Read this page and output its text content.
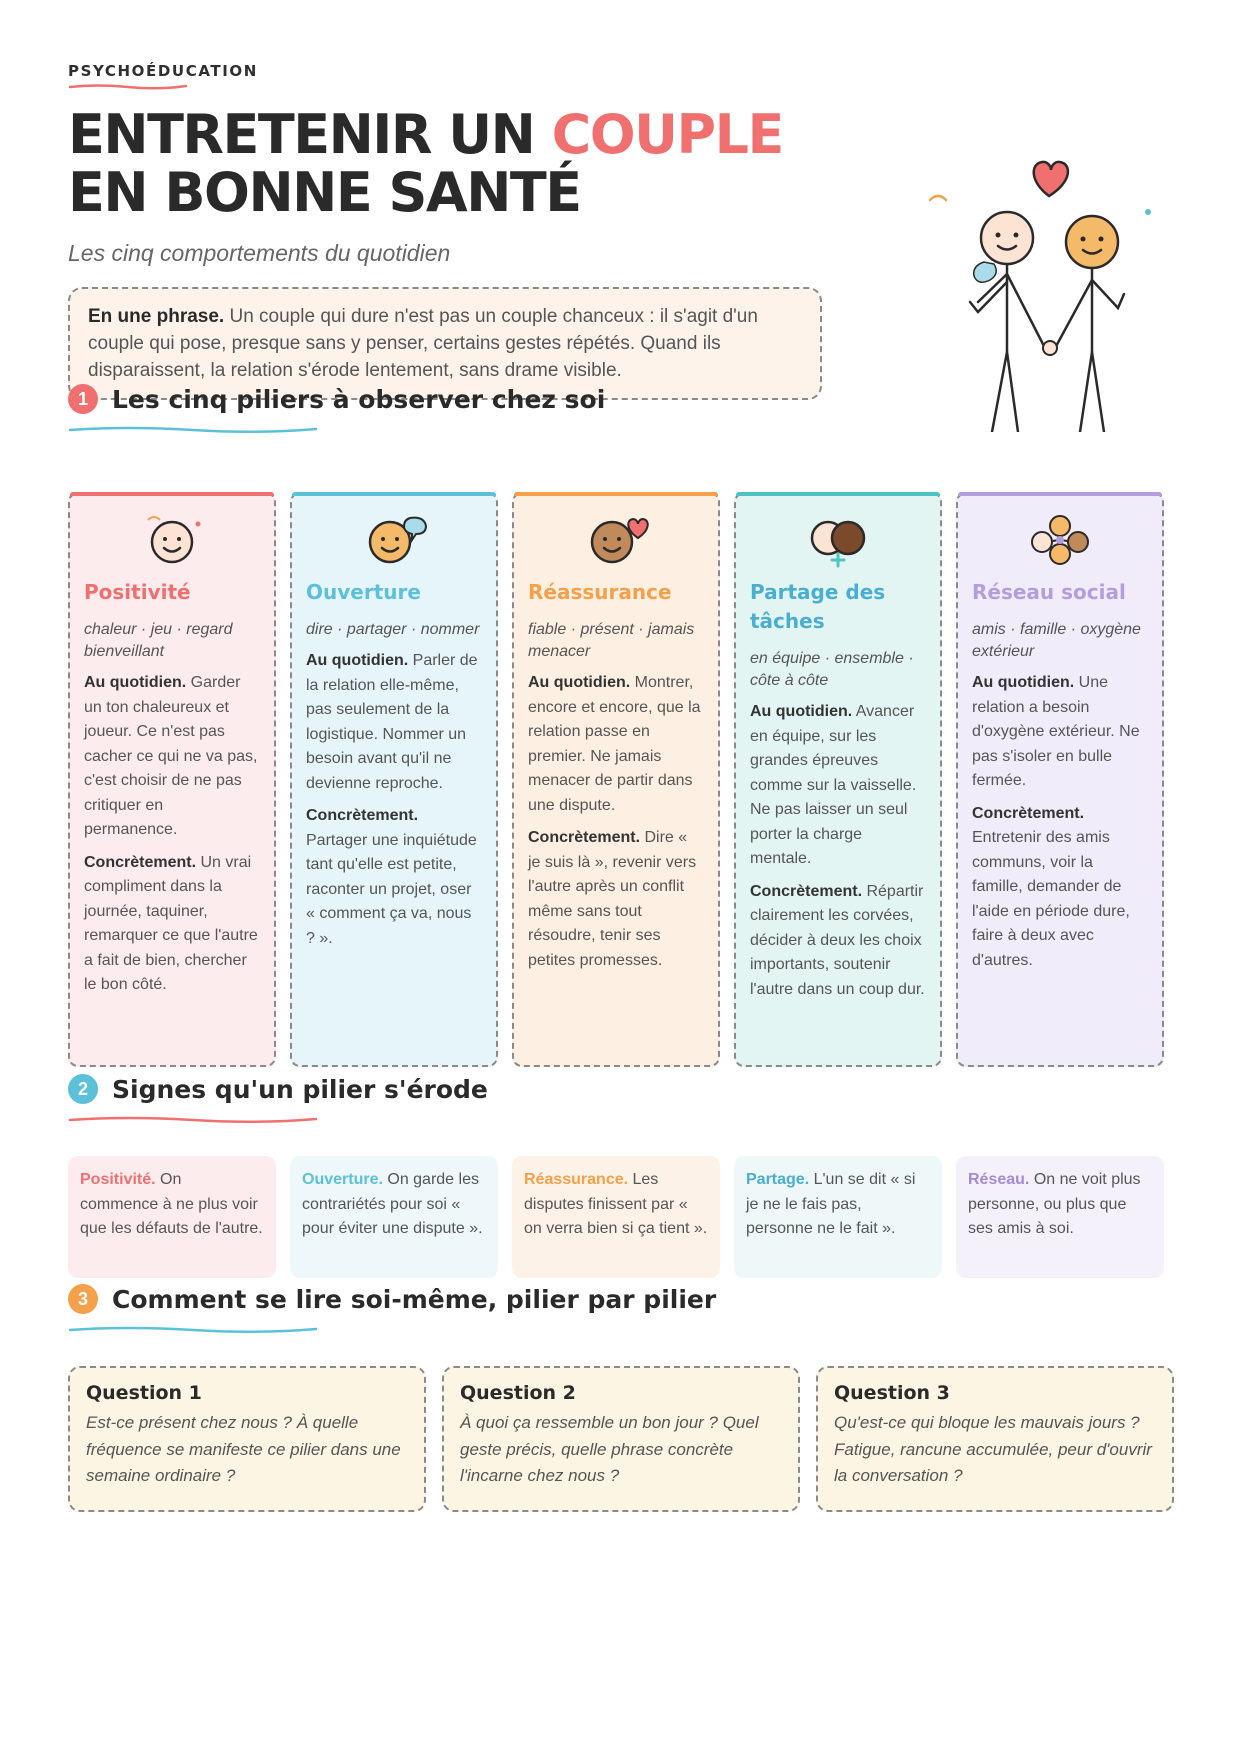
PSYCHOÉDUCATION

ENTRETENIR UN COUPLE
EN BONNE SANTÉ

Les cinq comportements du quotidien

En une phrase. Un couple qui dure n'est pas un couple chanceux : il s'agit d'un couple qui pose, presque sans y penser, certains gestes répétés. Quand ils disparaissent, la relation s'érode lentement, sans drame visible.
1 Les cinq piliers à observer chez soi
Positivité
chaleur · jeu · regard bienveillant
Au quotidien. Garder un ton chaleureux et joueur. Ce n'est pas cacher ce qui ne va pas, c'est choisir de ne pas critiquer en permanence.
Concrètement. Un vrai compliment dans la journée, taquiner, remarquer ce que l'autre a fait de bien, chercher le bon côté.
Ouverture
dire · partager · nommer
Au quotidien. Parler de la relation elle-même, pas seulement de la logistique. Nommer un besoin avant qu'il ne devienne reproche.
Concrètement. Partager une inquiétude tant qu'elle est petite, raconter un projet, oser « comment ça va, nous ? ».
Réassurance
fiable · présent · jamais menacer
Au quotidien. Montrer, encore et encore, que la relation passe en premier. Ne jamais menacer de partir dans une dispute.
Concrètement. Dire « je suis là », revenir vers l'autre après un conflit même sans tout résoudre, tenir ses petites promesses.
Partage des tâches
en équipe · ensemble · côte à côte
Au quotidien. Avancer en équipe, sur les grandes épreuves comme sur la vaisselle. Ne pas laisser un seul porter la charge mentale.
Concrètement. Répartir clairement les corvées, décider à deux les choix importants, soutenir l'autre dans un coup dur.
Réseau social
amis · famille · oxygène extérieur
Au quotidien. Une relation a besoin d'oxygène extérieur. Ne pas s'isoler en bulle fermée.
Concrètement. Entretenir des amis communs, voir la famille, demander de l'aide en période dure, faire à deux avec d'autres.
2 Signes qu'un pilier s'érode
Positivité. On commence à ne plus voir que les défauts de l'autre.
Ouverture. On garde les contrariétés pour soi « pour éviter une dispute ».
Réassurance. Les disputes finissent par « on verra bien si ça tient ».
Partage. L'un se dit « si je ne le fais pas, personne ne le fait ».
Réseau. On ne voit plus personne, ou plus que ses amis à soi.
3 Comment se lire soi-même, pilier par pilier
Question 1
Est-ce présent chez nous ? À quelle fréquence se manifeste ce pilier dans une semaine ordinaire ?
Question 2
À quoi ça ressemble un bon jour ? Quel geste précis, quelle phrase concrète l'incarne chez nous ?
Question 3
Qu'est-ce qui bloque les mauvais jours ? Fatigue, rancune accumulée, peur d'ouvrir la conversation ?
